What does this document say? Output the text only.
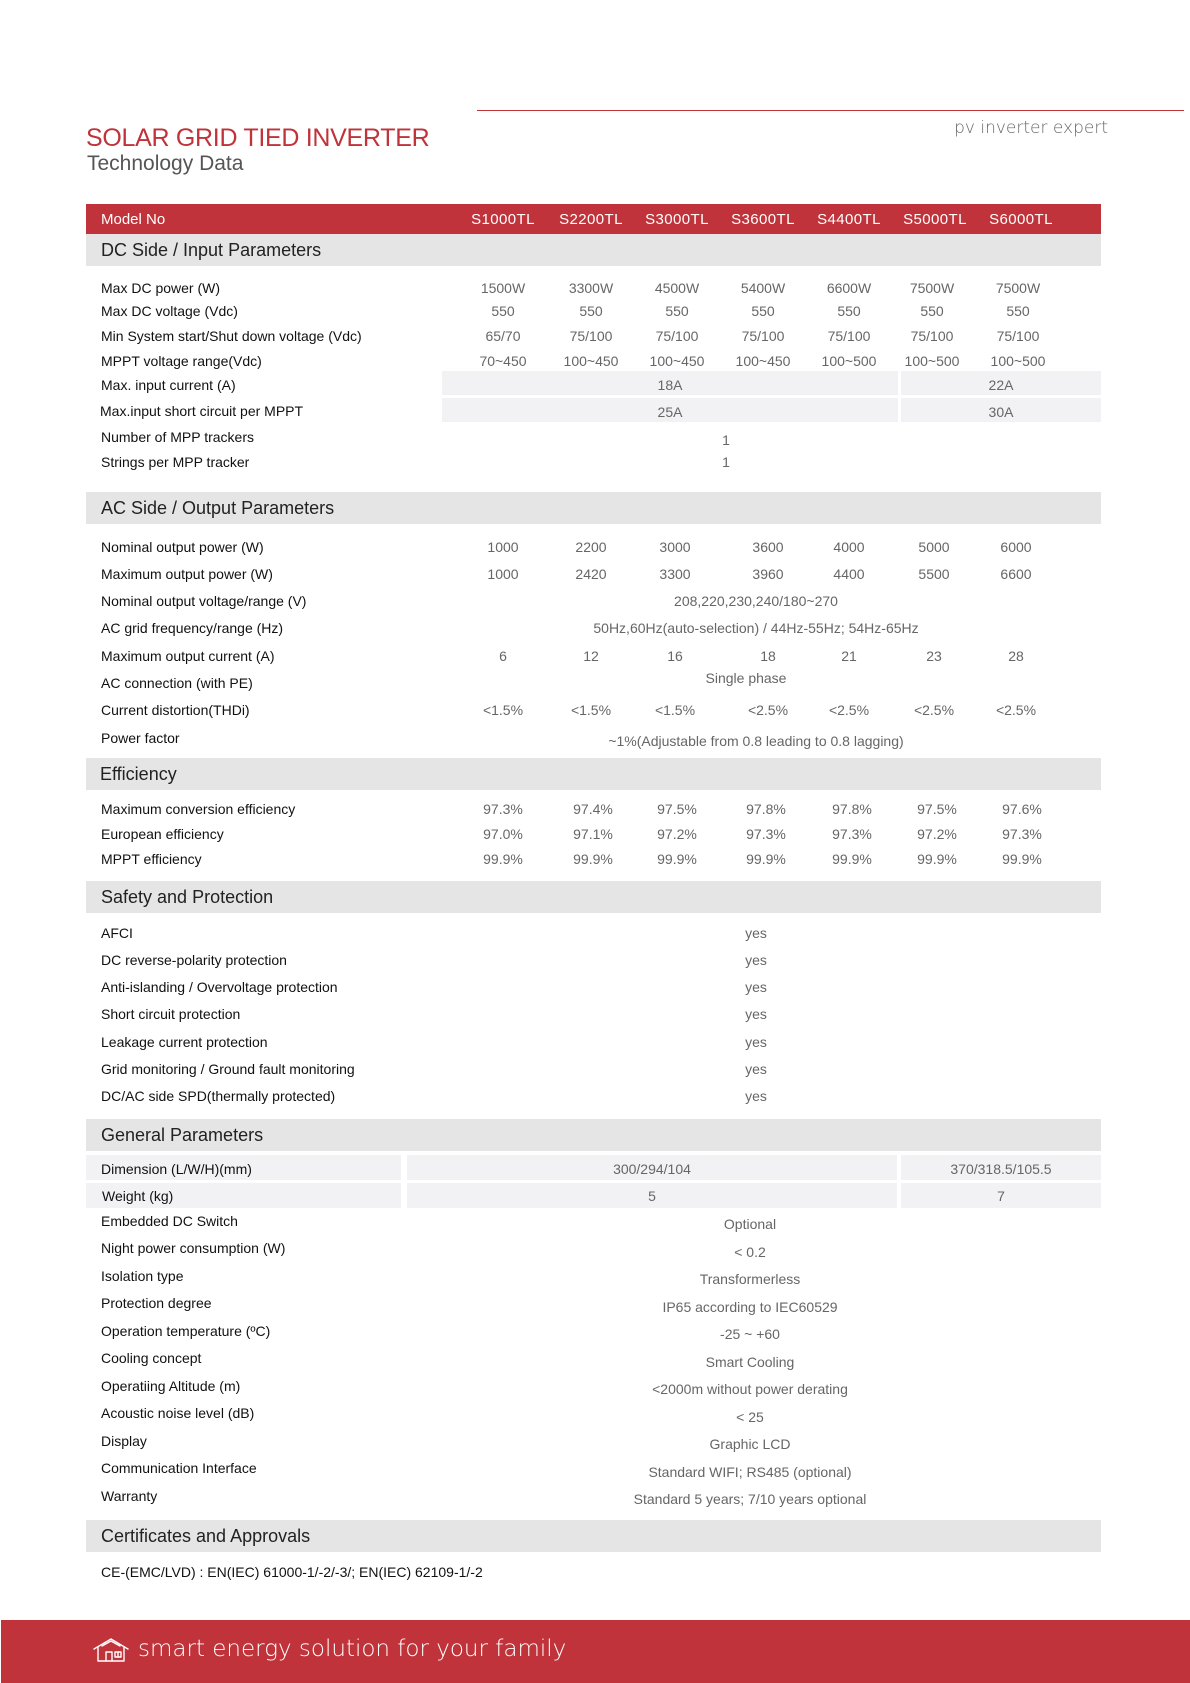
pv inverter expert
SOLAR GRID TIED INVERTER
Technology Data
Model No	S1000TL	S2200TL	S3000TL	S3600TL	S4400TL	S5000TL	S6000TL
DC Side / Input Parameters
Max DC power (W)	1500W	3300W	4500W	5400W	6600W	7500W	7500W
Max DC voltage (Vdc)	550	550	550	550	550	550	550
Min System start/Shut down voltage (Vdc)	65/70	75/100	75/100	75/100	75/100	75/100	75/100
MPPT voltage range(Vdc)	70~450	100~450	100~450	100~450	100~500	100~500	100~500
Max. input current (A)	18A	22A
Max.input short circuit per MPPT	25A	30A
Number of MPP trackers	1
Strings per MPP tracker	1
AC Side / Output Parameters
Nominal output power (W)	1000	2200	3000	3600	4000	5000	6000
Maximum output power (W)	1000	2420	3300	3960	4400	5500	6600
Nominal output voltage/range (V)	208,220,230,240/180~270
AC grid frequency/range (Hz)	50Hz,60Hz(auto-selection) / 44Hz-55Hz; 54Hz-65Hz
Maximum output current (A)	6	12	16	18	21	23	28
AC connection (with PE)	Single phase
Current distortion(THDi)	<1.5%	<1.5%	<1.5%	<2.5%	<2.5%	<2.5%	<2.5%
Power factor	~1%(Adjustable from 0.8 leading to 0.8 lagging)
Efficiency
Maximum conversion efficiency	97.3%	97.4%	97.5%	97.8%	97.8%	97.5%	97.6%
European efficiency	97.0%	97.1%	97.2%	97.3%	97.3%	97.2%	97.3%
MPPT efficiency	99.9%	99.9%	99.9%	99.9%	99.9%	99.9%	99.9%
Safety and Protection
AFCI	yes
DC reverse-polarity protection	yes
Anti-islanding / Overvoltage protection	yes
Short circuit protection	yes
Leakage current protection	yes
Grid monitoring / Ground fault monitoring	yes
DC/AC side SPD(thermally protected)	yes
General Parameters
Dimension (L/W/H)(mm)	300/294/104	370/318.5/105.5
Weight (kg)	5	7
Embedded DC Switch	Optional
Night power consumption (W)	< 0.2
Isolation type	Transformerless
Protection degree	IP65 according to IEC60529
Operation temperature (ºC)	-25 ~ +60
Cooling concept	Smart Cooling
Operatiing Altitude (m)	<2000m without power derating
Acoustic noise level (dB)	< 25
Display	Graphic LCD
Communication Interface	Standard WIFI; RS485 (optional)
Warranty	Standard 5 years; 7/10 years optional
Certificates and Approvals
CE-(EMC/LVD) : EN(IEC) 61000-1/-2/-3/; EN(IEC) 62109-1/-2
smart energy solution for your family
